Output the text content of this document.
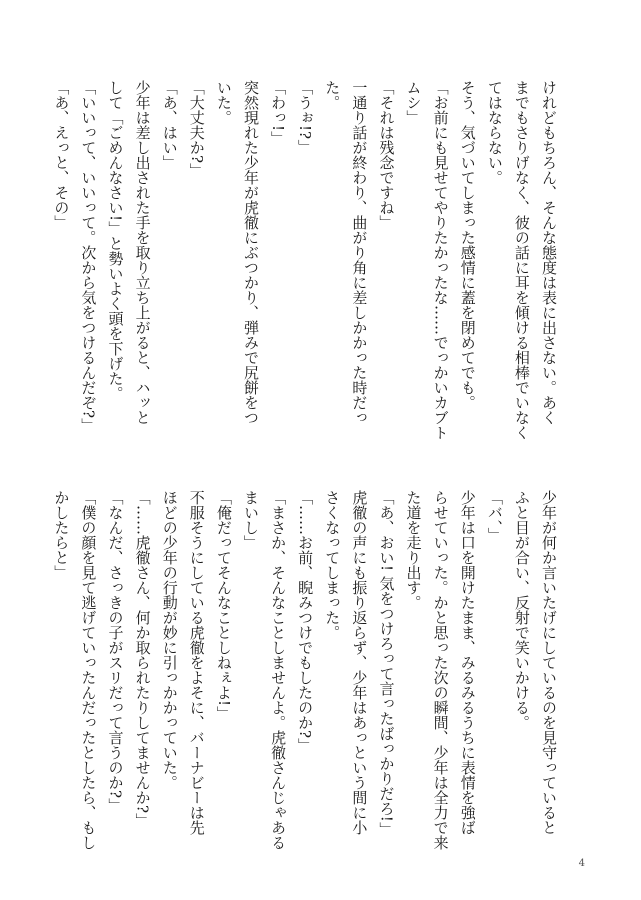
けれどもちろん、そんな態度は表に出さない。あく
までもさりげなく、彼の話に耳を傾ける相棒でいなく
てはならない。
そう、気づいてしまった感情に蓋を閉めてでも。
「お前にも見せてやりたかったな……でっかいカブト
ムシ」
「それは残念ですね」
一通り話が終わり、曲がり角に差しかかった時だっ
た。
「うぉ!?」
「わっ!」
突然現れた少年が虎徹にぶつかり、弾みで尻餅をつ
いた。
「大丈夫か?」
「あ、はい」
少年は差し出された手を取り立ち上がると、ハッと
して「ごめんなさい!」と勢いよく頭を下げた。
「いいって、いいって。次から気をつけるんだぞ?」
「あ、えっと、その」
少年が何か言いたげにしているのを見守っていると
ふと目が合い、反射で笑いかける。
「バ、」
少年は口を開けたまま、みるみるうちに表情を強ば
らせていった。かと思った次の瞬間、少年は全力で来
た道を走り出す。
「あ、おい! 気をつけろって言ったばっかりだろ!」
虎徹の声にも振り返らず、少年はあっという間に小
さくなってしまった。
「……お前、睨みつけでもしたのか?」
「まさか、そんなことしませんよ。虎徹さんじゃある
まいし」
「俺だってそんなことしねぇよ!」
不服そうにしている虎徹をよそに、バーナビーは先
ほどの少年の行動が妙に引っかかっていた。
「……虎徹さん、何か取られたりしてませんか?」
「なんだ、さっきの子がスリだって言うのか?」
「僕の顔を見て逃げていったんだったとしたら、もし
かしたらと」
4
